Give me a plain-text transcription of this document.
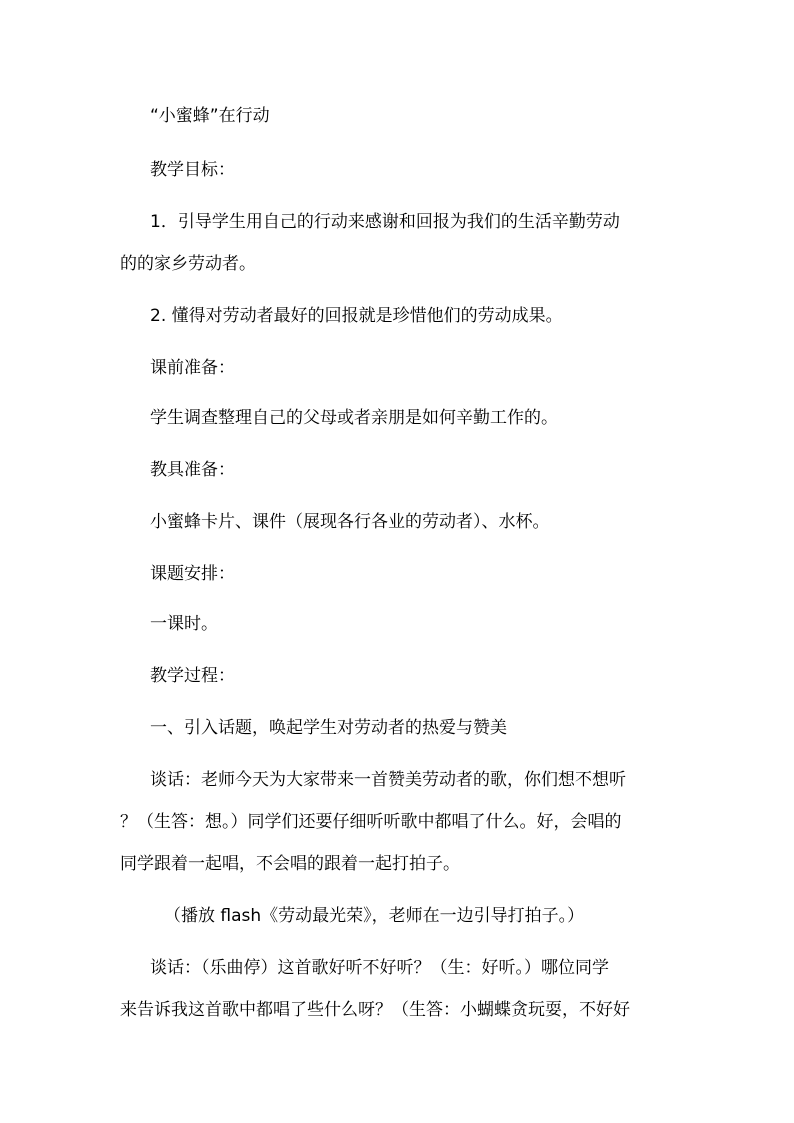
“小蜜蜂”在行动
教学目标：
1．引导学生用自己的行动来感谢和回报为我们的生活辛勤劳动
的的家乡劳动者。
2. 懂得对劳动者最好的回报就是珍惜他们的劳动成果。
课前准备：
学生调查整理自己的父母或者亲朋是如何辛勤工作的。
教具准备：
小蜜蜂卡片、课件（展现各行各业的劳动者）、水杯。
课题安排：
一课时。
教学过程：
一、引入话题，唤起学生对劳动者的热爱与赞美
谈话：老师今天为大家带来一首赞美劳动者的歌，你们想不想听
？（生答：想。）同学们还要仔细听听歌中都唱了什么。好，会唱的
同学跟着一起唱，不会唱的跟着一起打拍子。
（播放 flash《劳动最光荣》，老师在一边引导打拍子。）
谈话：（乐曲停）这首歌好听不好听？（生：好听。）哪位同学
来告诉我这首歌中都唱了些什么呀？（生答：小蝴蝶贪玩耍，不好好
